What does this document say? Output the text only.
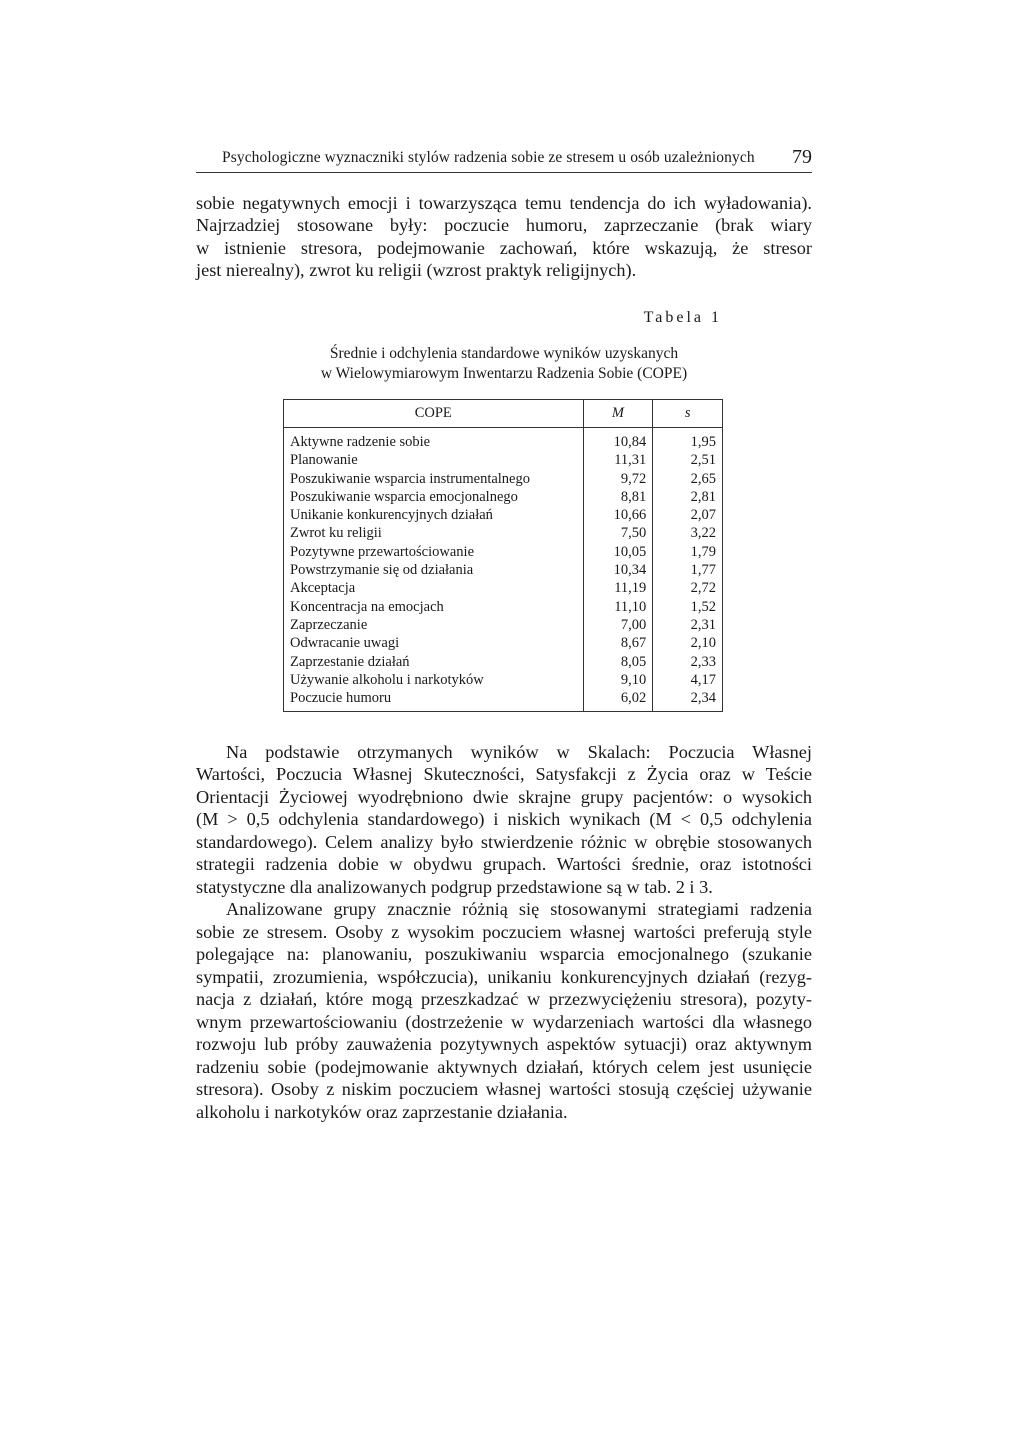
Psychologiczne wyznaczniki stylów radzenia sobie ze stresem u osób uzależnionych 79
sobie negatywnych emocji i towarzysząca temu tendencja do ich wyładowania).
Najrzadziej stosowane były: poczucie humoru, zaprzeczanie (brak wiary
w istnienie stresora, podejmowanie zachowań, które wskazują, że stresor
jest nierealny), zwrot ku religii (wzrost praktyk religijnych).
Tabela 1
Średnie i odchylenia standardowe wyników uzyskanych
w Wielowymiarowym Inwentarzu Radzenia Sobie (COPE)
COPE	M	s
Aktywne radzenie sobie	10,84	1,95
Planowanie	11,31	2,51
Poszukiwanie wsparcia instrumentalnego	9,72	2,65
Poszukiwanie wsparcia emocjonalnego	8,81	2,81
Unikanie konkurencyjnych działań	10,66	2,07
Zwrot ku religii	7,50	3,22
Pozytywne przewartościowanie	10,05	1,79
Powstrzymanie się od działania	10,34	1,77
Akceptacja	11,19	2,72
Koncentracja na emocjach	11,10	1,52
Zaprzeczanie	7,00	2,31
Odwracanie uwagi	8,67	2,10
Zaprzestanie działań	8,05	2,33
Używanie alkoholu i narkotyków	9,10	4,17
Poczucie humoru	6,02	2,34
Na podstawie otrzymanych wyników w Skalach: Poczucia Własnej
Wartości, Poczucia Własnej Skuteczności, Satysfakcji z Życia oraz w Teście
Orientacji Życiowej wyodrębniono dwie skrajne grupy pacjentów: o wysokich
(M > 0,5 odchylenia standardowego) i niskich wynikach (M < 0,5 odchylenia
standardowego). Celem analizy było stwierdzenie różnic w obrębie stosowanych
strategii radzenia dobie w obydwu grupach. Wartości średnie, oraz istotności
statystyczne dla analizowanych podgrup przedstawione są w tab. 2 i 3.
Analizowane grupy znacznie różnią się stosowanymi strategiami radzenia
sobie ze stresem. Osoby z wysokim poczuciem własnej wartości preferują style
polegające na: planowaniu, poszukiwaniu wsparcia emocjonalnego (szukanie
sympatii, zrozumienia, współczucia), unikaniu konkurencyjnych działań (rezyg-
nacja z działań, które mogą przeszkadzać w przezwyciężeniu stresora), pozyty-
wnym przewartościowaniu (dostrzeżenie w wydarzeniach wartości dla własnego
rozwoju lub próby zauważenia pozytywnych aspektów sytuacji) oraz aktywnym
radzeniu sobie (podejmowanie aktywnych działań, których celem jest usunięcie
stresora). Osoby z niskim poczuciem własnej wartości stosują częściej używanie
alkoholu i narkotyków oraz zaprzestanie działania.
